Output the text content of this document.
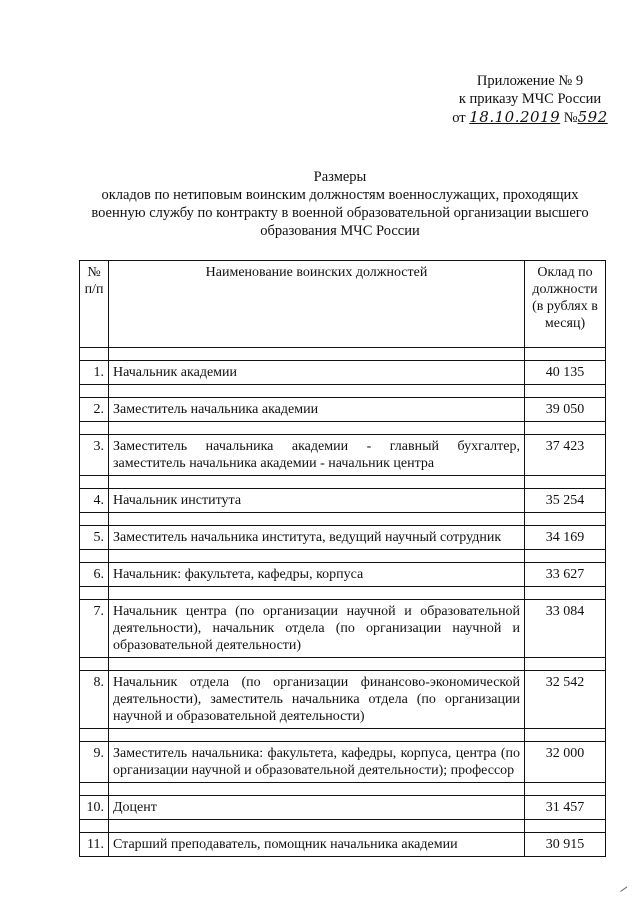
Приложение № 9
к приказу МЧС России
от 18.10.2019 №592
Размеры
окладов по нетиповым воинским должностям военнослужащих, проходящих
военную службу по контракту в военной образовательной организации высшего
образования МЧС России
№ п/п	Наименование воинских должностей	Оклад по должности (в рублях в месяц)

1.	Начальник академии	40 135

2.	Заместитель начальника академии	39 050

3.	Заместитель начальника академии - главный бухгалтер, заместитель начальника академии - начальник центра	37 423

4.	Начальник института	35 254

5.	Заместитель начальника института, ведущий научный сотрудник	34 169

6.	Начальник: факультета, кафедры, корпуса	33 627

7.	Начальник центра (по организации научной и образовательной деятельности), начальник отдела (по организации научной и образовательной деятельности)	33 084

8.	Начальник отдела (по организации финансово-экономической деятельности), заместитель начальника отдела (по организации научной и образовательной деятельности)	32 542

9.	Заместитель начальника: факультета, кафедры, корпуса, центра (по организации научной и образовательной деятельности); профессор	32 000

10.	Доцент	31 457

11.	Старший преподаватель, помощник начальника академии	30 915
